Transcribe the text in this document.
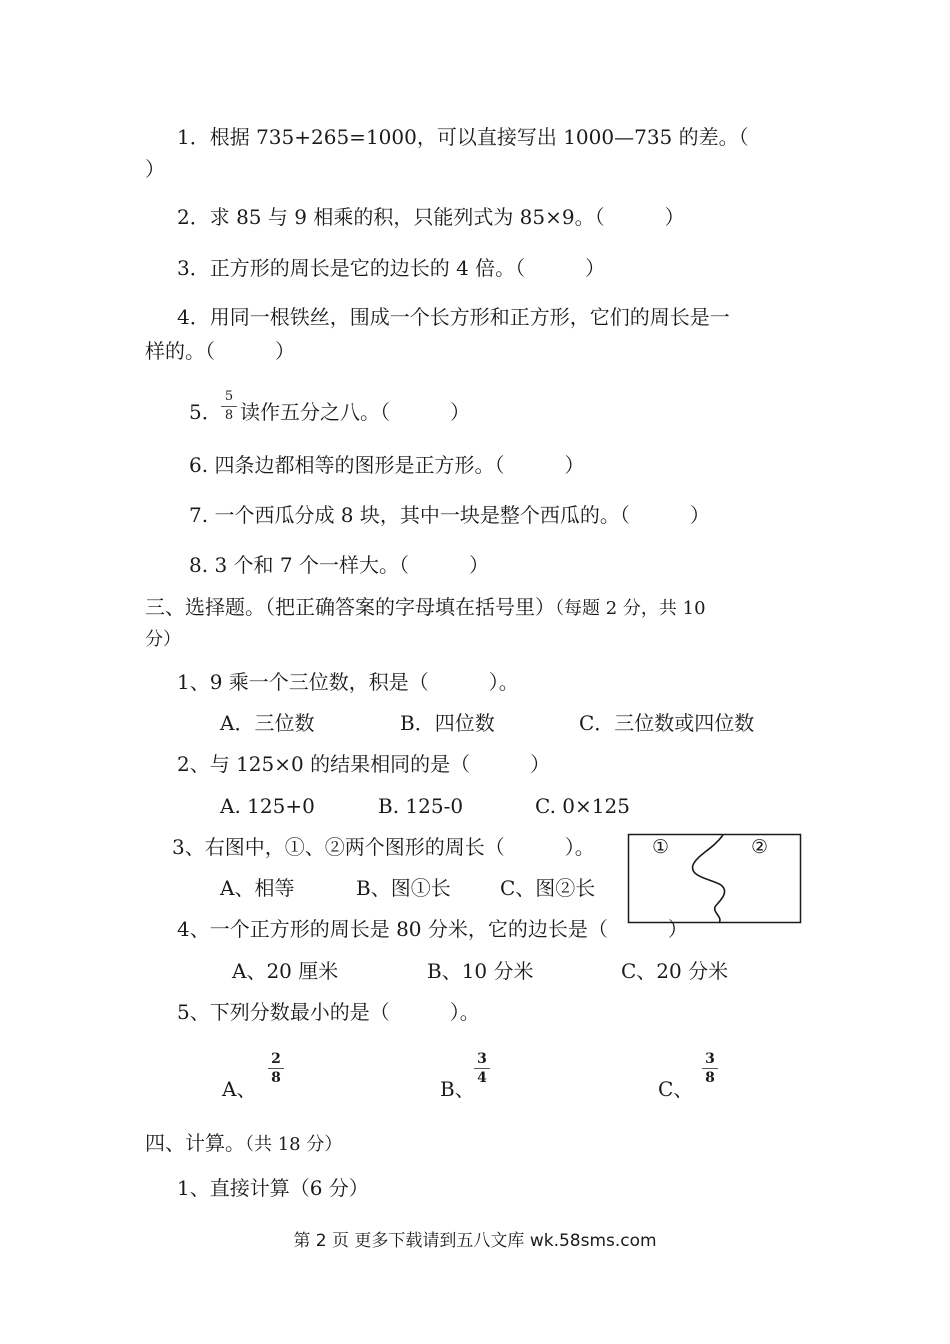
1．根据 735+265=1000，可以直接写出 1000—735 的差。（
）
2．求 85 与 9 相乘的积，只能列式为 85×9。（　　　）
3．正方形的周长是它的边长的 4 倍。（　　　）
4．用同一根铁丝，围成一个长方形和正方形，它们的周长是一
样的。（　　　）
5．
5
8 读作五分之八。（　　　）
6. 四条边都相等的图形是正方形。（　　　）
7. 一个西瓜分成 8 块，其中一块是整个西瓜的。（　　　）
8. 3 个和 7 个一样大。（　　　）
三、选择题。（把正确答案的字母填在括号里）（每题 2 分，共 10
分）
1、9 乘一个三位数，积是（　　　）。
A．三位数	B．四位数	C．三位数或四位数
2、与 125×0 的结果相同的是（　　　）
A. 125+0	B. 125-0	C. 0×125
3、右图中，①、②两个图形的周长（　　　）。
A、相等	B、图①长 C、图②长
①	②
4、一个正方形的周长是 80 分米，它的边长是（　　　）
A、20 厘米	B、10 分米	C、20 分米
5、下列分数最小的是（　　　）。
A、
2
8	B、
3
4	C、
3
8
四、计算。（共 18 分）
1、直接计算（6 分）
第 2 页 更多下载请到五八文库 wk.58sms.com
